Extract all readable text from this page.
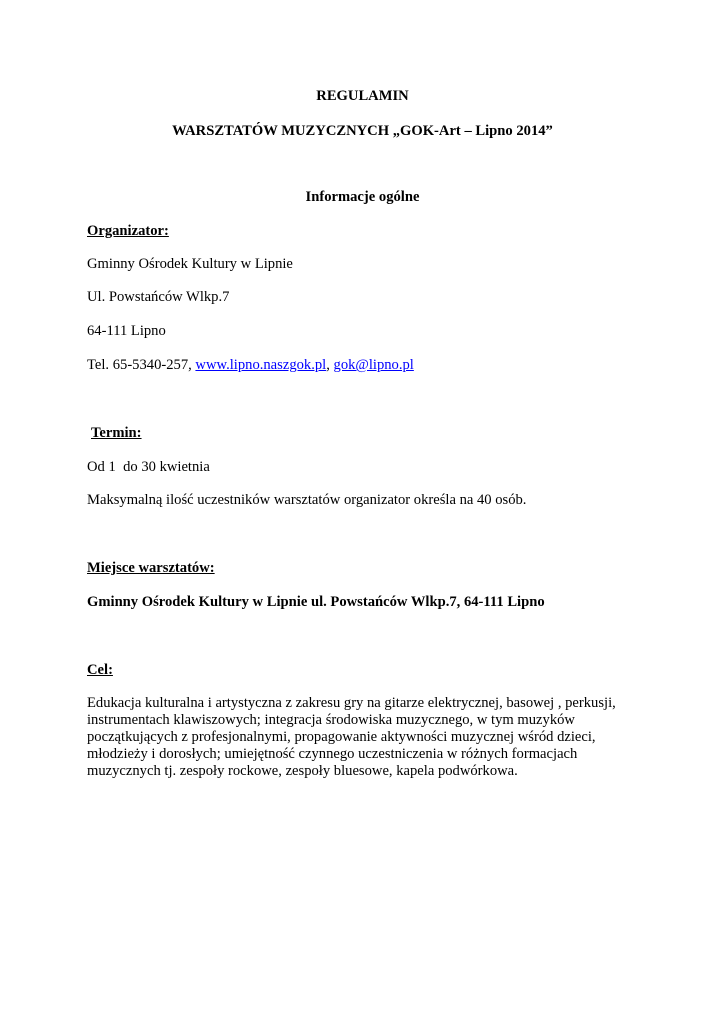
REGULAMIN
WARSZTATÓW MUZYCZNYCH „GOK-Art – Lipno 2014”
Informacje ogólne
Organizator:
Gminny Ośrodek Kultury w Lipnie
Ul. Powstańców Wlkp.7
64-111 Lipno
Tel. 65-5340-257, www.lipno.naszgok.pl, gok@lipno.pl
Termin:
Od 1  do 30 kwietnia
Maksymalną ilość uczestników warsztatów organizator określa na 40 osób.
Miejsce warsztatów:
Gminny Ośrodek Kultury w Lipnie ul. Powstańców Wlkp.7, 64-111 Lipno
Cel:
Edukacja kulturalna i artystyczna z zakresu gry na gitarze elektrycznej, basowej , perkusji,
instrumentach klawiszowych; integracja środowiska muzycznego, w tym muzyków
początkujących z profesjonalnymi, propagowanie aktywności muzycznej wśród dzieci,
młodzieży i dorosłych; umiejętność czynnego uczestniczenia w różnych formacjach
muzycznych tj. zespoły rockowe, zespoły bluesowe, kapela podwórkowa.
